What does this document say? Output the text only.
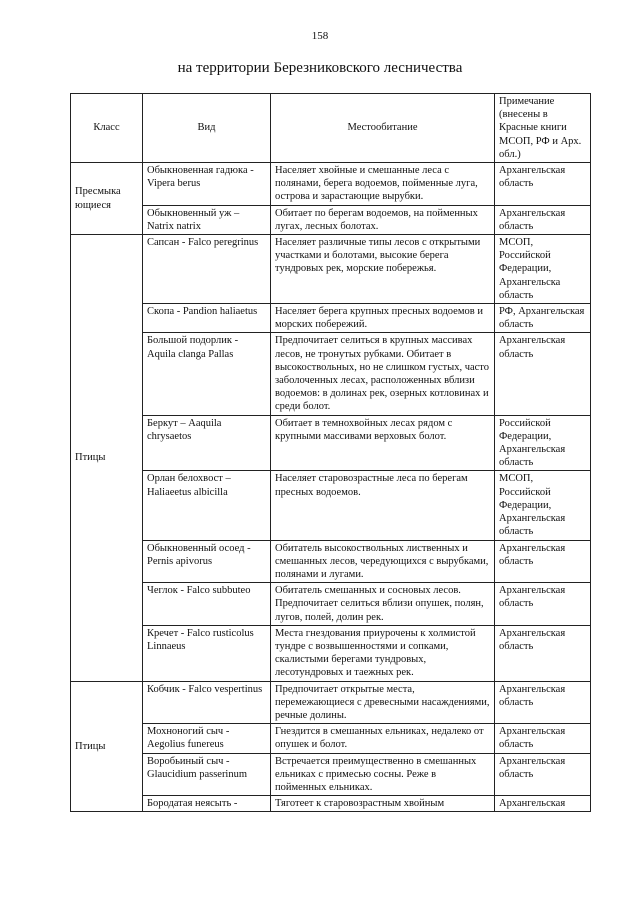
158
на территории Березниковского лесничества
Класс	Вид	Местообитание	Примечание (внесены в Красные книги МСОП, РФ и Арх. обл.)
Пресмыка ющиеся	Обыкновенная гадюка - Vipera berus	Населяет хвойные и смешанные леса с полянами, берега водоемов, пойменные луга, острова и зарастающие вырубки.	Архангельская область
	Обыкновенный уж – Natrix natrix	Обитает по берегам водоемов, на пойменных лугах, лесных болотах.	Архангельская область
Птицы	Сапсан - Falco peregrinus	Населяет различные типы лесов с открытыми участками и болотами, высокие берега тундровых рек, морские побережья.	МСОП, Российской Федерации, Архангельска область
	Скопа - Pandion haliaetus	Населяет берега крупных пресных водоемов и морских побережий.	РФ, Архангельская область
	Большой подорлик - Aquila clanga Pallas	Предпочитает селиться в крупных массивах лесов, не тронутых рубками. Обитает в высокоствольных, но не слишком густых, часто заболоченных лесах, расположенных вблизи водоемов: в долинах рек, озерных котловинах и среди болот.	Архангельская область
	Беркут – Aaquila chrysaetos	Обитает в темнохвойных лесах рядом с крупными массивами верховых болот.	Российской Федерации, Архангельская область
	Орлан белохвост – Haliaeetus albicilla	Населяет старовозрастные леса по берегам пресных водоемов.	МСОП, Российской Федерации, Архангельская область
	Обыкновенный осоед - Pernis apivorus	Обитатель высокоствольных лиственных и смешанных лесов, чередующихся с вырубками, полянами и лугами.	Архангельская область
	Чеглок - Falco subbuteo	Обитатель смешанных и сосновых лесов. Предпочитает селиться вблизи опушек, полян, лугов, полей, долин рек.	Архангельская область
	Кречет - Falco rusticolus Linnaeus	Места гнездования приурочены к холмистой тундре с возвышенностями и сопками, скалистыми берегами тундровых, лесотундровых и таежных рек.	Архангельская область
Птицы	Кобчик - Falco vespertinus	Предпочитает открытые места, перемежающиеся с древесными насаждениями, речные долины.	Архангельская область
	Мохноногий сыч - Aegolius funereus	Гнездится в смешанных ельниках, недалеко от опушек и болот.	Архангельская область
	Воробьиный сыч - Glaucidium passerinum	Встречается преимущественно в смешанных ельниках с примесью сосны. Реже в пойменных ельниках.	Архангельская область
	Бородатая неясыть -	Тяготеет к старовозрастным хвойным	Архангельская
